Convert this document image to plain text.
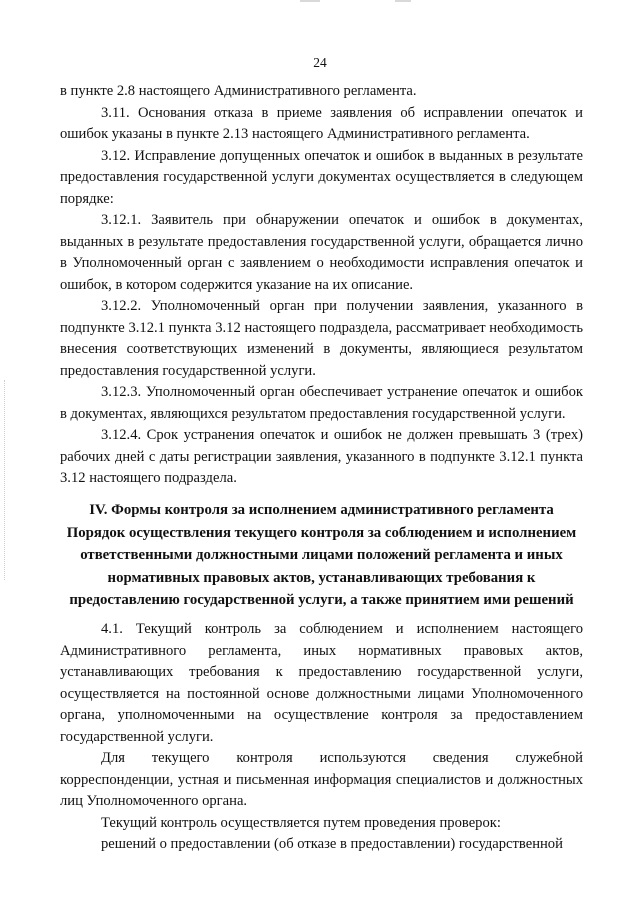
24

в пункте 2.8 настоящего Административного регламента.

3.11. Основания отказа в приеме заявления об исправлении опечаток и ошибок указаны в пункте 2.13 настоящего Административного регламента.

3.12. Исправление допущенных опечаток и ошибок в выданных в результате предоставления государственной услуги документах осуществляется в следующем порядке:

3.12.1. Заявитель при обнаружении опечаток и ошибок в документах, выданных в результате предоставления государственной услуги, обращается лично в Уполномоченный орган с заявлением о необходимости исправления опечаток и ошибок, в котором содержится указание на их описание.

3.12.2. Уполномоченный орган при получении заявления, указанного в подпункте 3.12.1 пункта 3.12 настоящего подраздела, рассматривает необходимость внесения соответствующих изменений в документы, являющиеся результатом предоставления государственной услуги.

3.12.3. Уполномоченный орган обеспечивает устранение опечаток и ошибок в документах, являющихся результатом предоставления государственной услуги.

3.12.4. Срок устранения опечаток и ошибок не должен превышать 3 (трех) рабочих дней с даты регистрации заявления, указанного в подпункте 3.12.1 пункта 3.12 настоящего подраздела.

IV. Формы контроля за исполнением административного регламента
Порядок осуществления текущего контроля за соблюдением и исполнением
ответственными должностными лицами положений регламента и иных
нормативных правовых актов, устанавливающих требования к
предоставлению государственной услуги, а также принятием ими решений

4.1. Текущий контроль за соблюдением и исполнением настоящего Административного регламента, иных нормативных правовых актов, устанавливающих требования к предоставлению государственной услуги, осуществляется на постоянной основе должностными лицами Уполномоченного органа, уполномоченными на осуществление контроля за предоставлением государственной услуги.

Для текущего контроля используются сведения служебной корреспонденции, устная и письменная информация специалистов и должностных лиц Уполномоченного органа.

Текущий контроль осуществляется путем проведения проверок:

решений о предоставлении (об отказе в предоставлении) государственной
